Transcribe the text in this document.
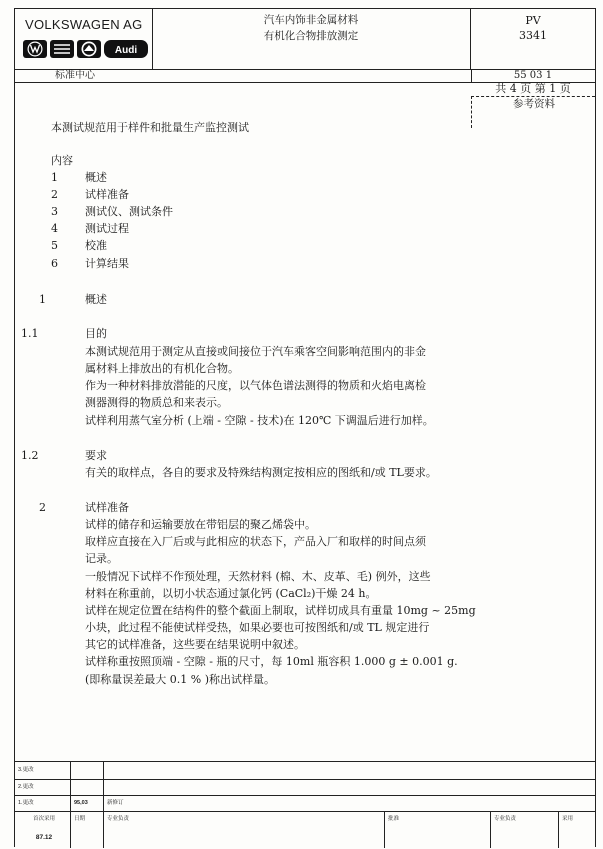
VOLKSWAGEN AG
Audi
汽车内饰非金属材料
有机化合物排放测定
PV
3341
标准中心	55 03 1
共 4 页 第 1 页
参考资料
本测试规范用于样件和批量生产监控测试
内容
1 概述
2 试样准备
3 测试仪、测试条件
4 测试过程
5 校准
6 计算结果
1	概述
1.1	目的
本测试规范用于测定从直接或间接位于汽车乘客空间影响范围内的非金
属材料上排放出的有机化合物。
作为一种材料排放潜能的尺度，以气体色谱法测得的物质和火焰电离检
测器测得的物质总和来表示。
试样利用蒸气室分析 (上端 - 空隙 - 技术)在 120℃ 下调温后进行加样。
1.2	要求
有关的取样点，各自的要求及特殊结构测定按相应的图纸和/或 TL要求。
2	试样准备
试样的储存和运输要放在带铝层的聚乙烯袋中。
取样应直接在入厂后或与此相应的状态下，产品入厂和取样的时间点须
记录。
一般情况下试样不作预处理，天然材料 (棉、木、皮革、毛) 例外，这些
材料在称重前，以切小状态通过氯化钙 (CaCl₂)干燥 24 h。
试样在规定位置在结构件的整个截面上制取，试样切成具有重量 10mg ~ 25mg
小块，此过程不能使试样受热，如果必要也可按图纸和/或 TL 规定进行
其它的试样准备，这些要在结果说明中叙述。
试样称重按照顶端 - 空隙 - 瓶的尺寸，每 10ml 瓶容积 1.000 g ± 0.001 g.
(即称量误差最大 0.1 % )称出试样量。
3.更改
2.更改
1.更改	95,03	新修订
首次采用
87.12
日期	专业负责	批准	专业负责	采用
